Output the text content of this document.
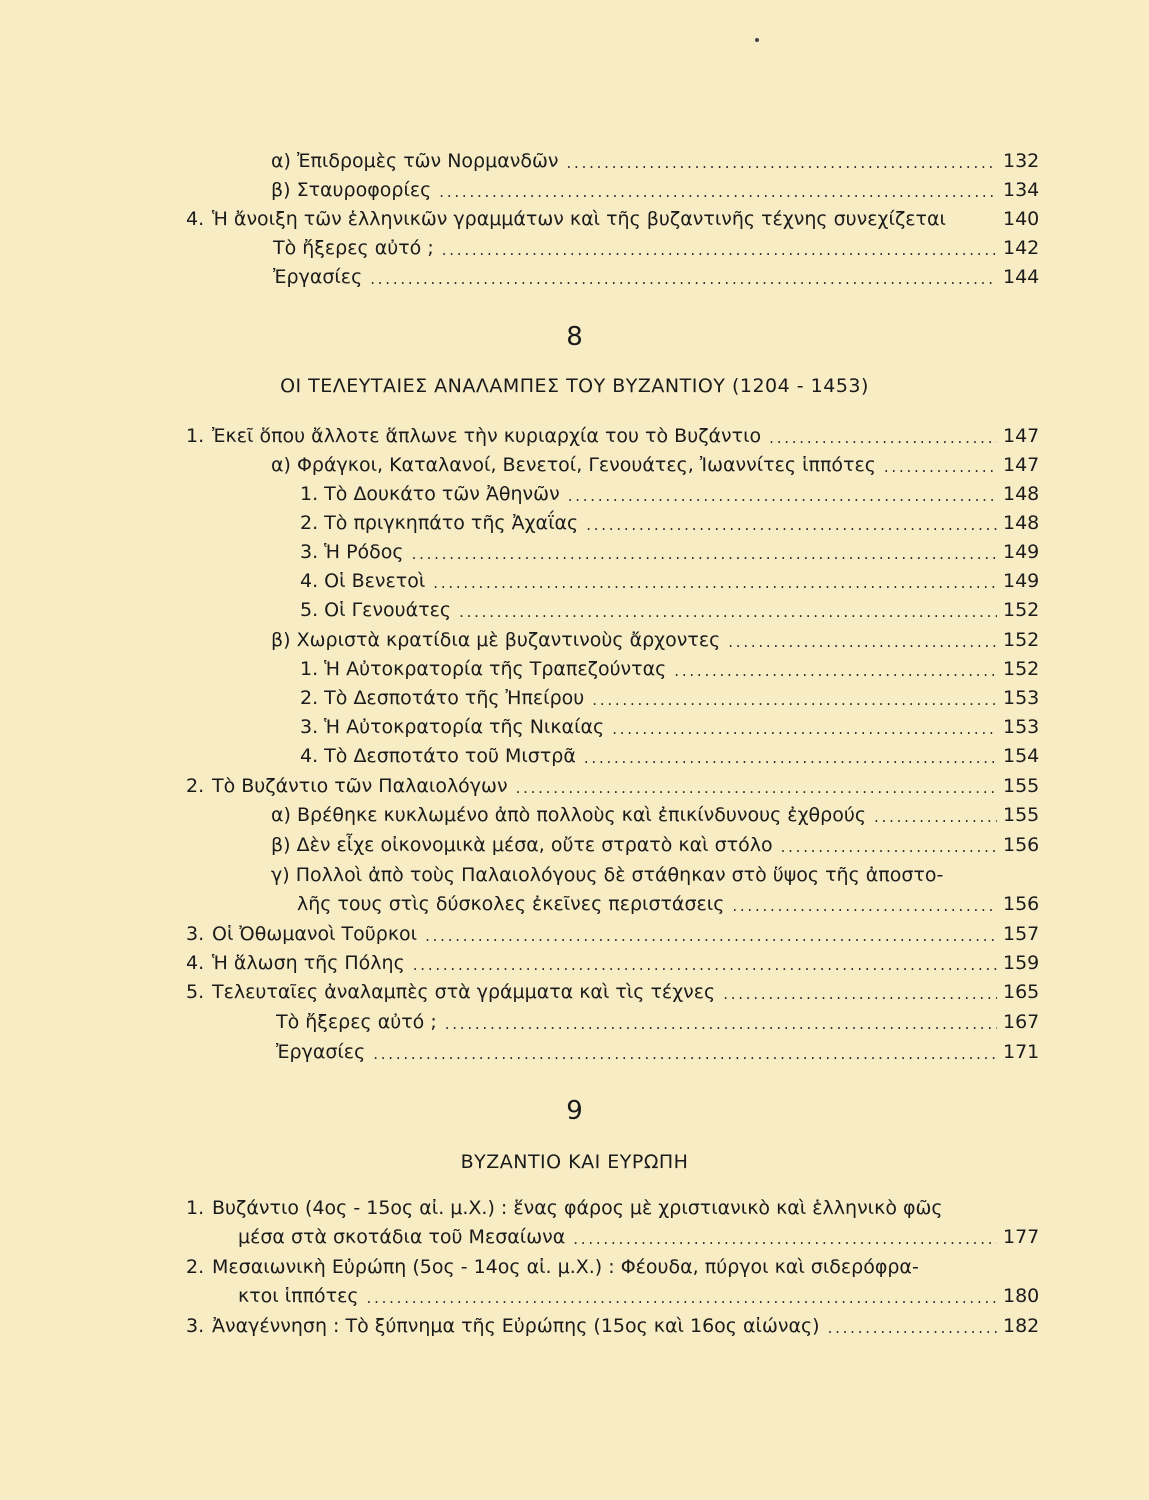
α) Ἐπιδρομὲς τῶν Νορμανδῶν . . .	132
β) Σταυροφορίες . . .	134
4. Ἡ ἄνοιξη τῶν ἑλληνικῶν γραμμάτων καὶ τῆς βυζαντινῆς τέχνης συνεχίζεται	140
Τὸ ἤξερες αὐτό ; . . .	142
Ἐργασίες . . .	144
8
ΟΙ ΤΕΛΕΥΤΑΙΕΣ ΑΝΑΛΑΜΠΕΣ ΤΟΥ ΒΥΖΑΝΤΙΟΥ (1204 - 1453)
1. Ἐκεῖ ὅπου ἄλλοτε ἅπλωνε τὴν κυριαρχία του τὸ Βυζάντιο . . .	147
α) Φράγκοι, Καταλανοί, Βενετοί, Γενουάτες, Ἰωαννίτες ἱππότες . . .	147
1. Τὸ Δουκάτο τῶν Ἀθηνῶν . . .	148
2. Τὸ πριγκηπάτο τῆς Ἀχαΐας . . .	148
3. Ἡ Ρόδος . . .	149
4. Οἱ Βενετοὶ . . .	149
5. Οἱ Γενουάτες . . .	152
β) Χωριστὰ κρατίδια μὲ βυζαντινοὺς ἄρχοντες . . .	152
1. Ἡ Αὐτοκρατορία τῆς Τραπεζούντας . . .	152
2. Τὸ Δεσποτάτο τῆς Ἠπείρου . . .	153
3. Ἡ Αὐτοκρατορία τῆς Νικαίας . . .	153
4. Τὸ Δεσποτάτο τοῦ Μιστρᾶ . . .	154
2. Τὸ Βυζάντιο τῶν Παλαιολόγων . . .	155
α) Βρέθηκε κυκλωμένο ἀπὸ πολλοὺς καὶ ἐπικίνδυνους ἐχθρούς . . .	155
β) Δὲν εἶχε οἰκονομικὰ μέσα, οὔτε στρατὸ καὶ στόλο . . .	156
γ) Πολλοὶ ἀπὸ τοὺς Παλαιολόγους δὲ στάθηκαν στὸ ὕψος τῆς ἀποστο-
λῆς τους στὶς δύσκολες ἐκεῖνες περιστάσεις . . .	156
3. Οἱ Ὀθωμανοὶ Τοῦρκοι . . .	157
4. Ἡ ἅλωση τῆς Πόλης . . .	159
5. Τελευταῖες ἀναλαμπὲς στὰ γράμματα καὶ τὶς τέχνες . . .	165
Τὸ ἤξερες αὐτό ; . . .	167
Ἐργασίες . . .	171
9
ΒΥΖΑΝΤΙΟ ΚΑΙ ΕΥΡΩΠΗ
1. Βυζάντιο (4ος - 15ος αἰ. μ.Χ.) : ἕνας φάρος μὲ χριστιανικὸ καὶ ἑλληνικὸ φῶς
μέσα στὰ σκοτάδια τοῦ Μεσαίωνα . . .	177
2. Μεσαιωνικὴ Εὐρώπη (5ος - 14ος αἰ. μ.Χ.) : Φέουδα, πύργοι καὶ σιδερόφρα-
κτοι ἱππότες . . .	180
3. Ἀναγέννηση : Τὸ ξύπνημα τῆς Εὐρώπης (15ος καὶ 16ος αἰώνας) . . .	182
